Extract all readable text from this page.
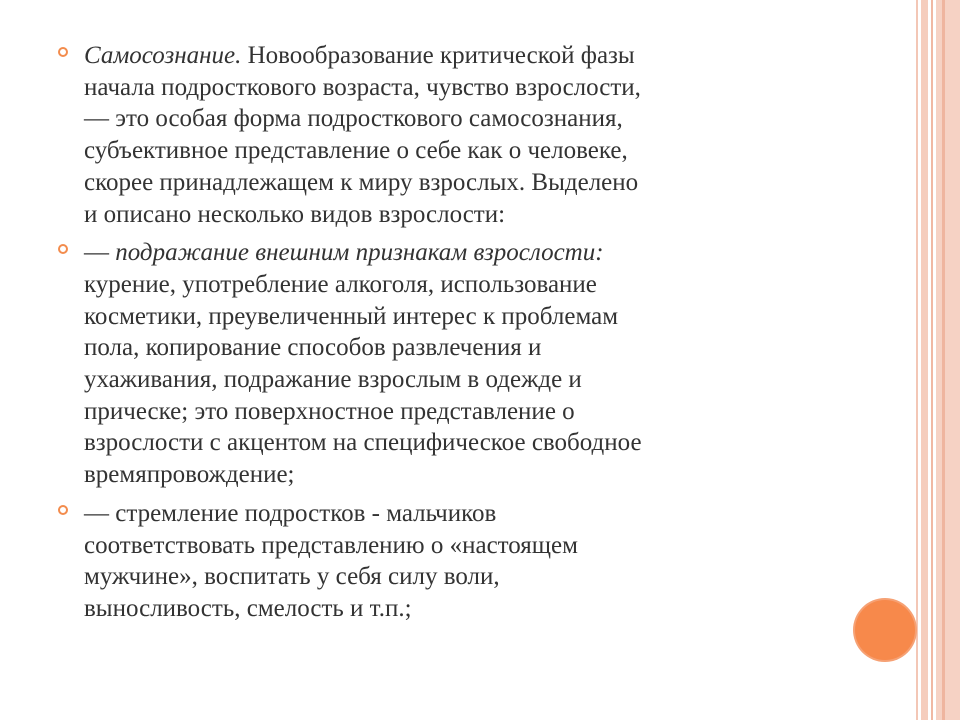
Самосознание. Новообразование критической фазы
начала подросткового возраста, чувство взрослости,
— это особая форма подросткового самосознания,
субъективное представление о себе как о человеке,
скорее принадлежащем к миру взрослых. Выделено
и описано несколько видов взрослости:
— подражание внешним признакам взрослости:
курение, употребление алкоголя, использование
косметики, преувеличенный интерес к проблемам
пола, копирование способов развлечения и
ухаживания, подражание взрослым в одежде и
прическе; это поверхностное представление о
взрослости с акцентом на специфическое свободное
времяпровождение;
— стремление подростков - мальчиков
соответствовать представлению о «настоящем
мужчине», воспитать у себя силу воли,
выносливость, смелость и т.п.;
